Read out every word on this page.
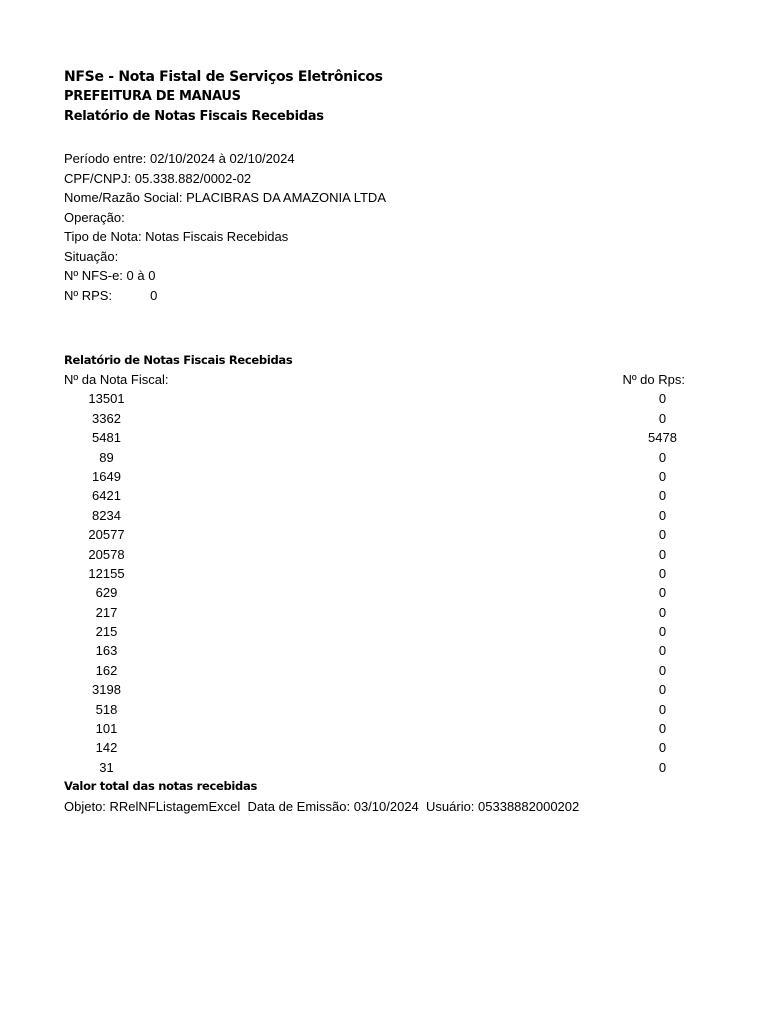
NFSe - Nota Fistal de Serviços Eletrônicos
PREFEITURA DE MANAUS
Relatório de Notas Fiscais Recebidas
Período entre: 02/10/2024 à 02/10/2024
CPF/CNPJ: 05.338.882/0002-02
Nome/Razão Social: PLACIBRAS DA AMAZONIA LTDA
Operação:
Tipo de Nota: Notas Fiscais Recebidas
Situação:
Nº NFS-e: 0 à 0
Nº RPS:	0
Relatório de Notas Fiscais Recebidas
Nº da Nota Fiscal:	Nº do Rps:
13501	0
3362	0
5481	5478
89	0
1649	0
6421	0
8234	0
20577	0
20578	0
12155	0
629	0
217	0
215	0
163	0
162	0
3198	0
518	0
101	0
142	0
31	0
Valor total das notas recebidas
Objeto: RRelNFListagemExcel  Data de Emissão: 03/10/2024  Usuário: 05338882000202
